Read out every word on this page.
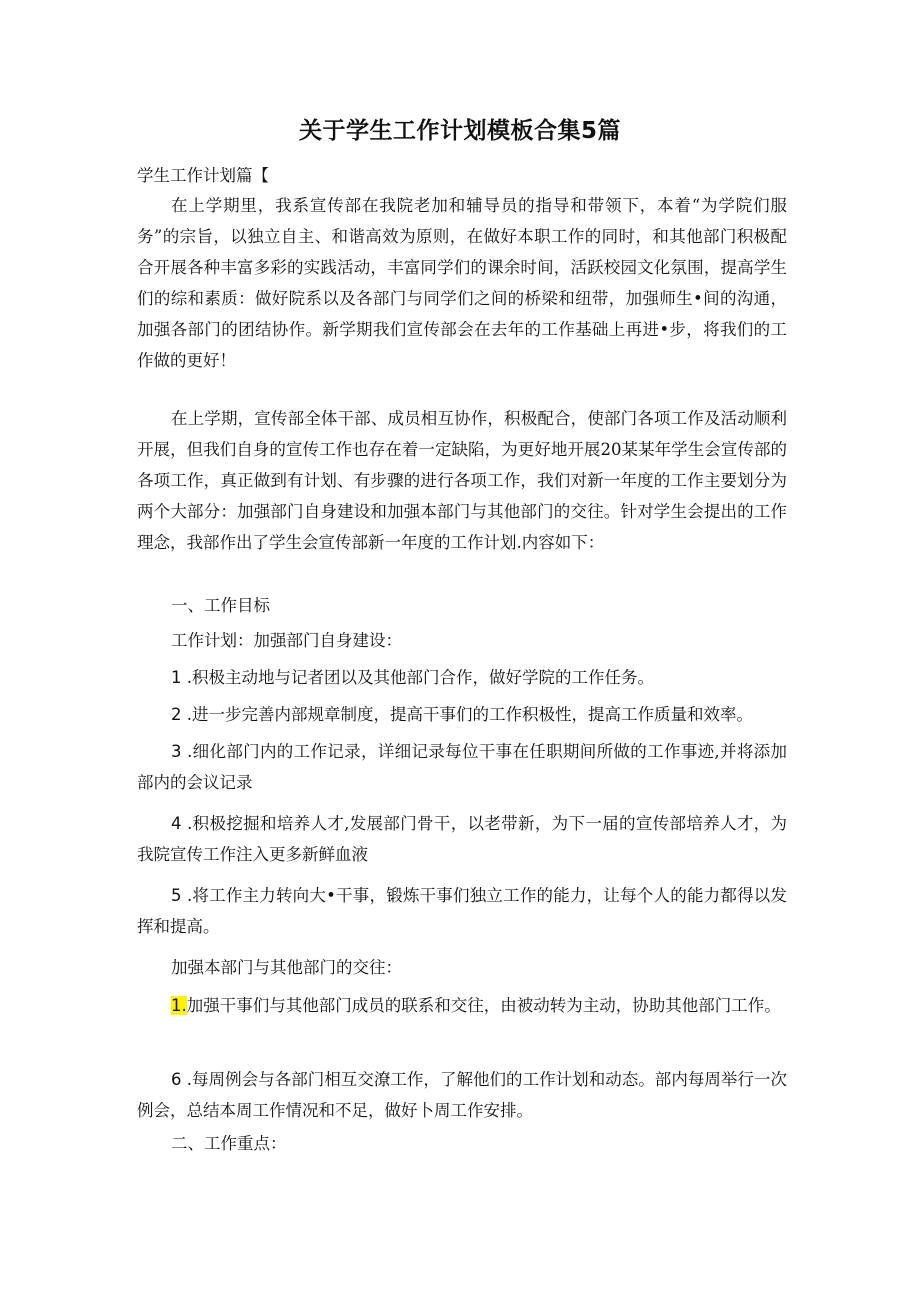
关于学生工作计划模板合集5篇
学生工作计划篇【
在上学期里，我系宣传部在我院老加和辅导员的指导和带领下，本着“为学院们服务”的宗旨，以独立自主、和谐高效为原则，在做好本职工作的同时，和其他部门积极配合开展各种丰富多彩的实践活动，丰富同学们的课余时间，活跃校园文化氛围，提高学生们的综和素质：做好院系以及各部门与同学们之间的桥梁和纽带，加强师生•间的沟通，加强各部门的团结协作。新学期我们宣传部会在去年的工作基础上再进•步，将我们的工作做的更好！
在上学期，宣传部全体干部、成员相互协作，积极配合，使部门各项工作及活动顺利开展，但我们自身的宣传工作也存在着一定缺陷，为更好地开展20某某年学生会宣传部的各项工作，真正做到有计划、有步骤的进行各项工作，我们对新一年度的工作主要划分为两个大部分：加强部门自身建设和加强本部门与其他部门的交往。针对学生会提出的工作理念，我部作出了学生会宣传部新一年度的工作计划.内容如下：
一、工作目标
工作计划：加强部门自身建设：
1 .积极主动地与记者团以及其他部门合作，做好学院的工作任务。
2 .进一步完善内部规章制度，提高干事们的工作积极性，提高工作质量和效率。
3 .细化部门内的工作记录，详细记录每位干事在任职期间所做的工作事迹,并将添加部内的会议记录
4 .积极挖掘和培养人才,发展部门骨干，以老带新，为下一届的宣传部培养人才，为我院宣传工作注入更多新鲜血液
5 .将工作主力转向大•干事，锻炼干事们独立工作的能力，让每个人的能力都得以发挥和提高。
加强本部门与其他部门的交往：
1.加强干事们与其他部门成员的联系和交往，由被动转为主动，协助其他部门工作。
6 .每周例会与各部门相互交潦工作，了解他们的工作计划和动态。部内每周举行一次例会，总结本周工作情况和不足，做好卜周工作安排。
二、工作重点：
